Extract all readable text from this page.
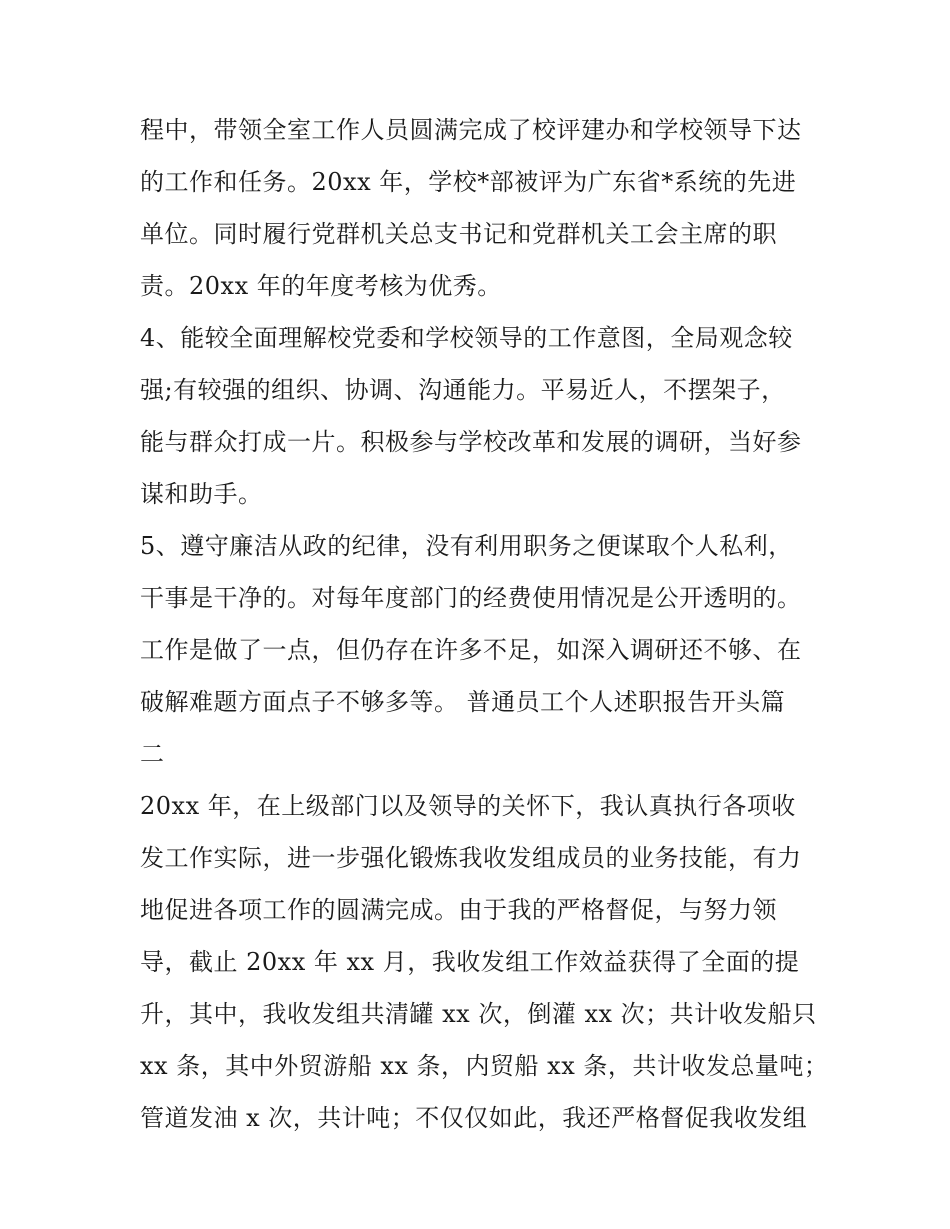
程中，带领全室工作人员圆满完成了校评建办和学校领导下达
的工作和任务。20xx 年，学校*部被评为广东省*系统的先进
单位。同时履行党群机关总支书记和党群机关工会主席的职
责。20xx 年的年度考核为优秀。
4、能较全面理解校党委和学校领导的工作意图，全局观念较
强;有较强的组织、协调、沟通能力。平易近人，不摆架子，
能与群众打成一片。积极参与学校改革和发展的调研，当好参
谋和助手。
5、遵守廉洁从政的纪律，没有利用职务之便谋取个人私利，
干事是干净的。对每年度部门的经费使用情况是公开透明的。
工作是做了一点，但仍存在许多不足，如深入调研还不够、在
破解难题方面点子不够多等。 普通员工个人述职报告开头篇
二
20xx 年，在上级部门以及领导的关怀下，我认真执行各项收
发工作实际，进一步强化锻炼我收发组成员的业务技能，有力
地促进各项工作的圆满完成。由于我的严格督促，与努力领
导，截止 20xx 年 xx 月，我收发组工作效益获得了全面的提
升，其中，我收发组共清罐 xx 次，倒灌 xx 次；共计收发船只
xx 条，其中外贸游船 xx 条，内贸船 xx 条，共计收发总量吨；
管道发油 x 次，共计吨；不仅仅如此，我还严格督促我收发组
